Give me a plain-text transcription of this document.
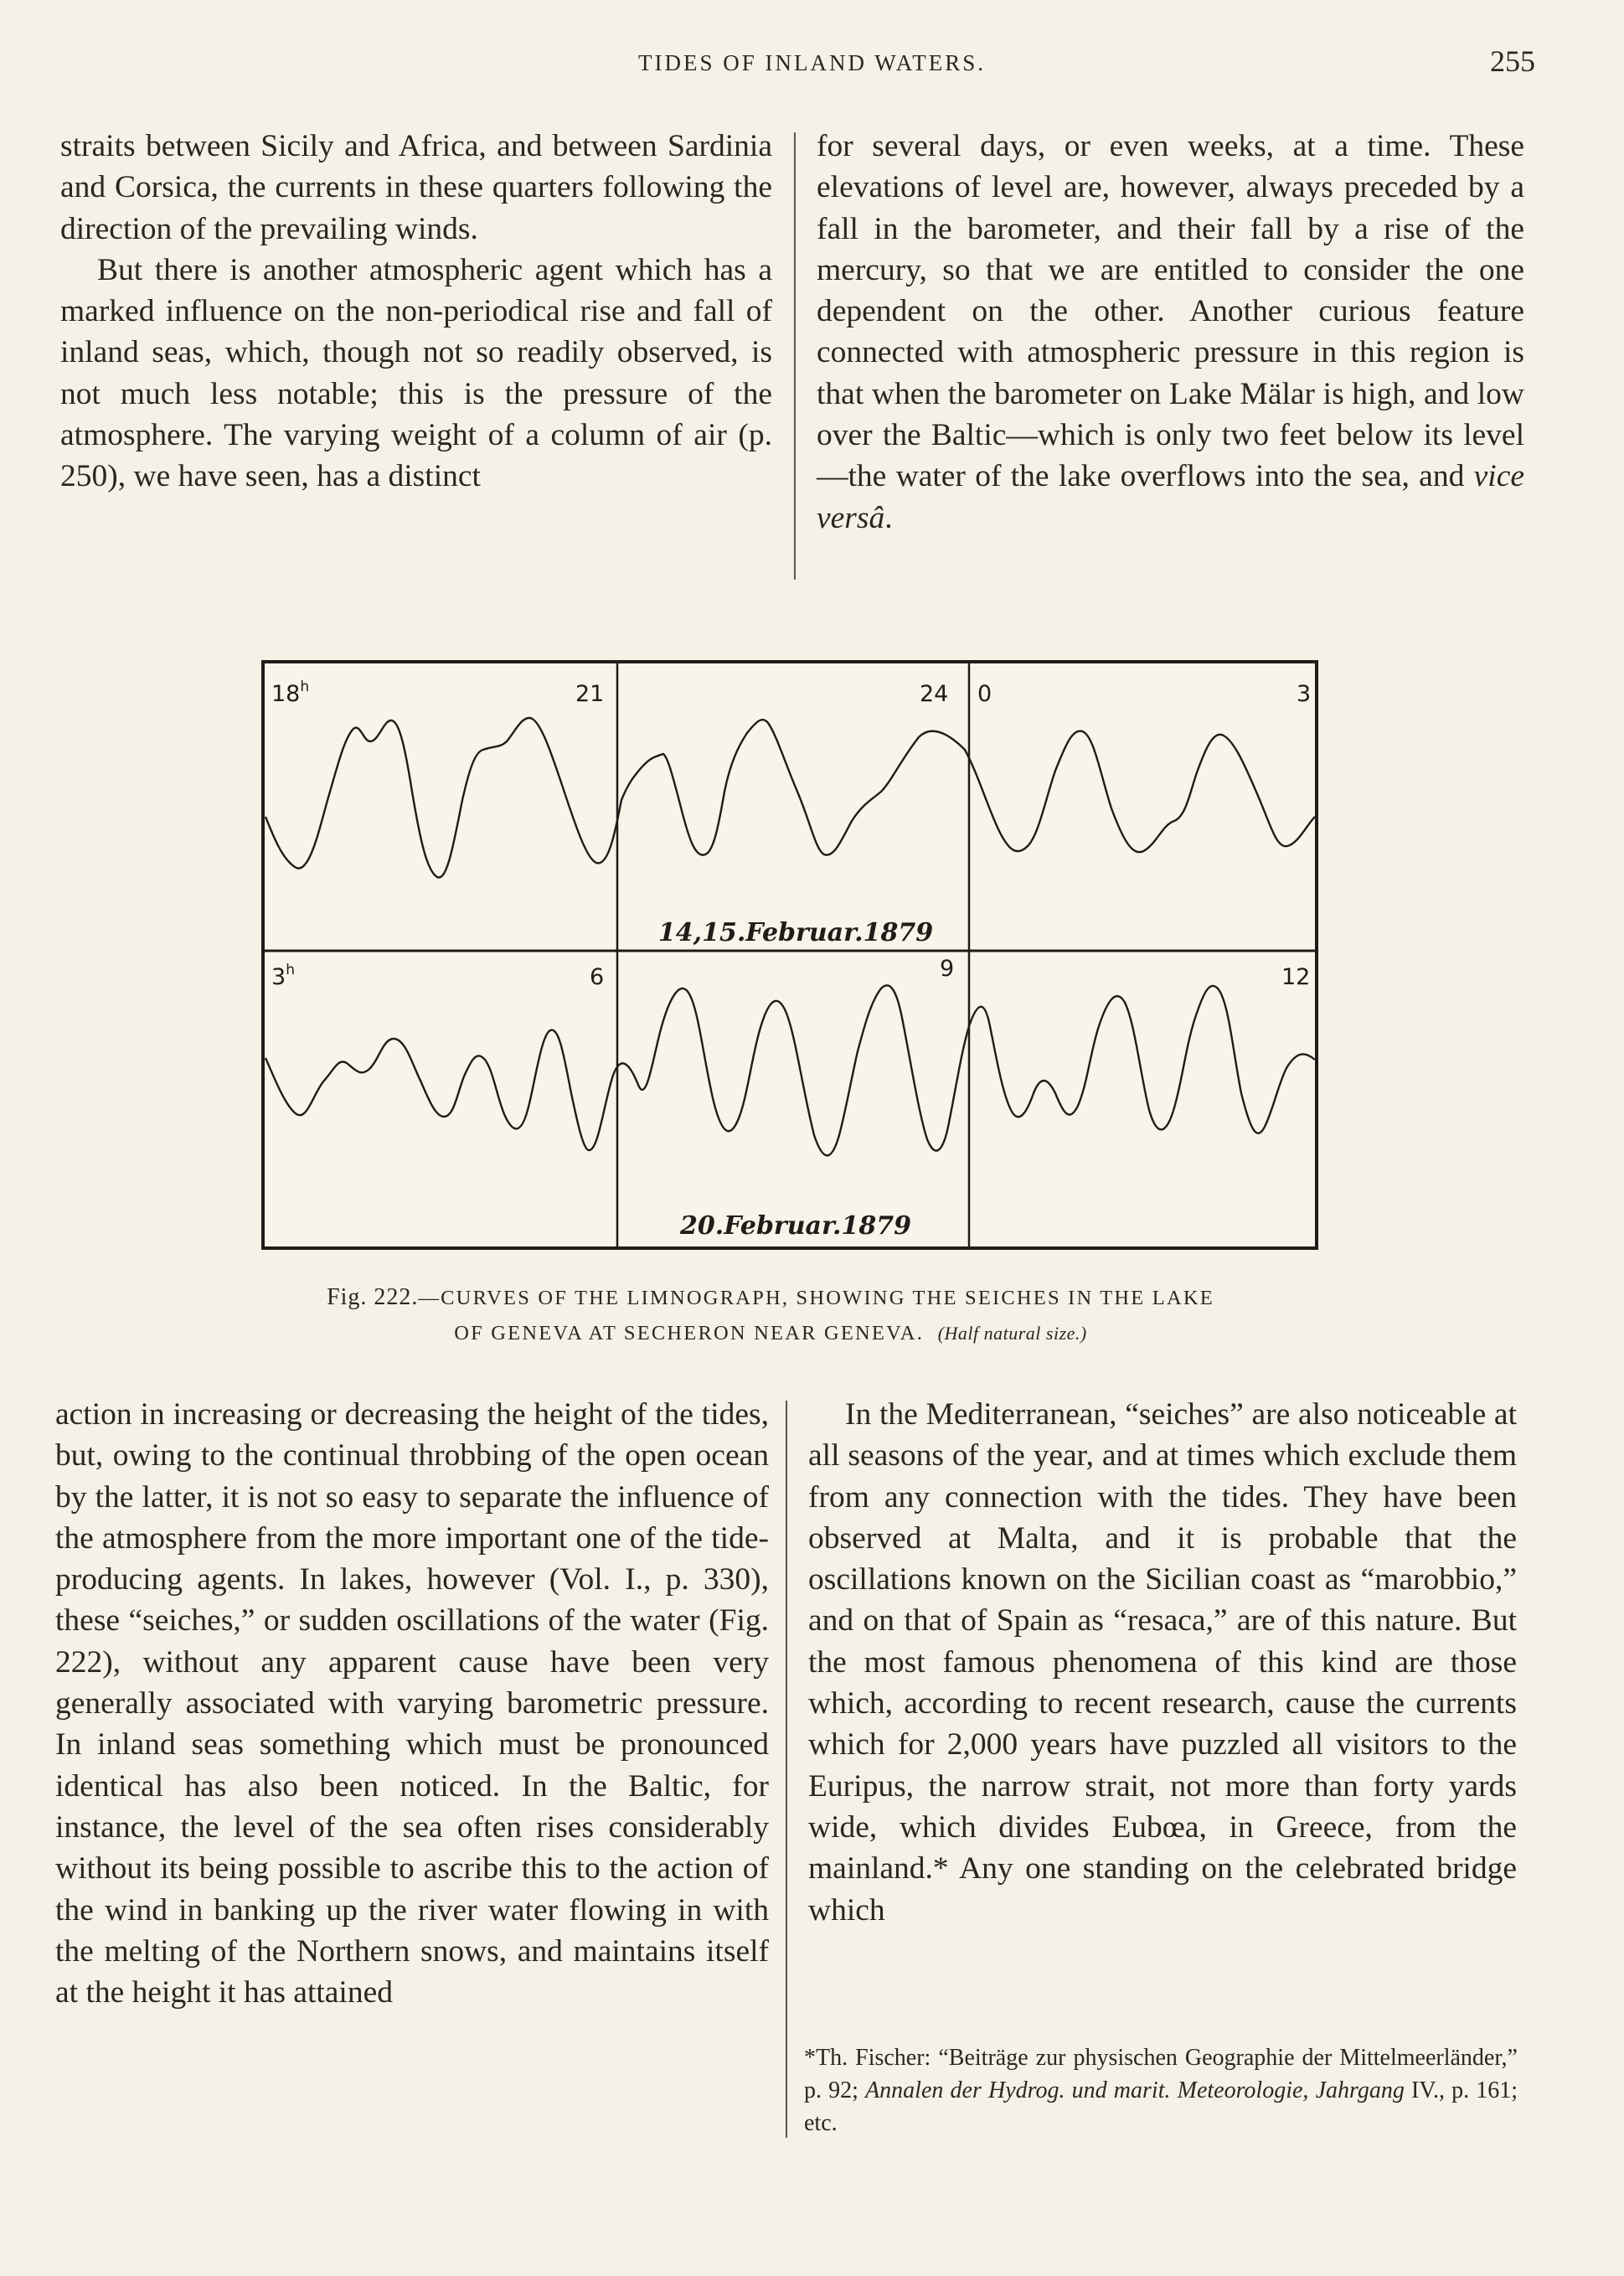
TIDES OF INLAND WATERS.	255

straits between Sicily and Africa, and between Sardinia and Corsica, the currents in these quarters following the direction of the prevailing winds.

But there is another atmospheric agent which has a marked influence on the non-periodical rise and fall of inland seas, which, though not so readily observed, is not much less notable; this is the pressure of the atmosphere. The varying weight of a column of air (p. 250), we have seen, has a distinct

for several days, or even weeks, at a time. These elevations of level are, however, always preceded by a fall in the barometer, and their fall by a rise of the mercury, so that we are entitled to consider the one dependent on the other. Another curious feature connected with atmospheric pressure in this region is that when the barometer on Lake Mälar is high, and low over the Baltic—which is only two feet below its level—the water of the lake overflows into the sea, and vice versâ.

18$^h$	21	24 0	3
14,15.Februar.1879
3$^h$	6	9	12
20.Februar.1879
Fig. 222.—CURVES OF THE LIMNOGRAPH, SHOWING THE SEICHES IN THE LAKE
OF GENEVA AT SECHERON NEAR GENEVA. (Half natural size.)

action in increasing or decreasing the height of the tides, but, owing to the continual throbbing of the open ocean by the latter, it is not so easy to separate the influence of the atmosphere from the more important one of the tide-producing agents. In lakes, however (Vol. I., p. 330), these “seiches,” or sudden oscillations of the water (Fig. 222), without any apparent cause have been very generally associated with varying barometric pressure. In inland seas something which must be pronounced identical has also been noticed. In the Baltic, for instance, the level of the sea often rises considerably without its being possible to ascribe this to the action of the wind in banking up the river water flowing in with the melting of the Northern snows, and maintains itself at the height it has attained

In the Mediterranean, “seiches” are also noticeable at all seasons of the year, and at times which exclude them from any connection with the tides. They have been observed at Malta, and it is probable that the oscillations known on the Sicilian coast as “marobbio,” and on that of Spain as “resaca,” are of this nature. But the most famous phenomena of this kind are those which, according to recent research, cause the currents which for 2,000 years have puzzled all visitors to the Euripus, the narrow strait, not more than forty yards wide, which divides Eubœa, in Greece, from the mainland.* Any one standing on the celebrated bridge which

*Th. Fischer: “Beiträge zur physischen Geographie der Mittelmeerländer,” p. 92; Annalen der Hydrog. und marit. Meteorologie, Jahrgang IV., p. 161; etc.
